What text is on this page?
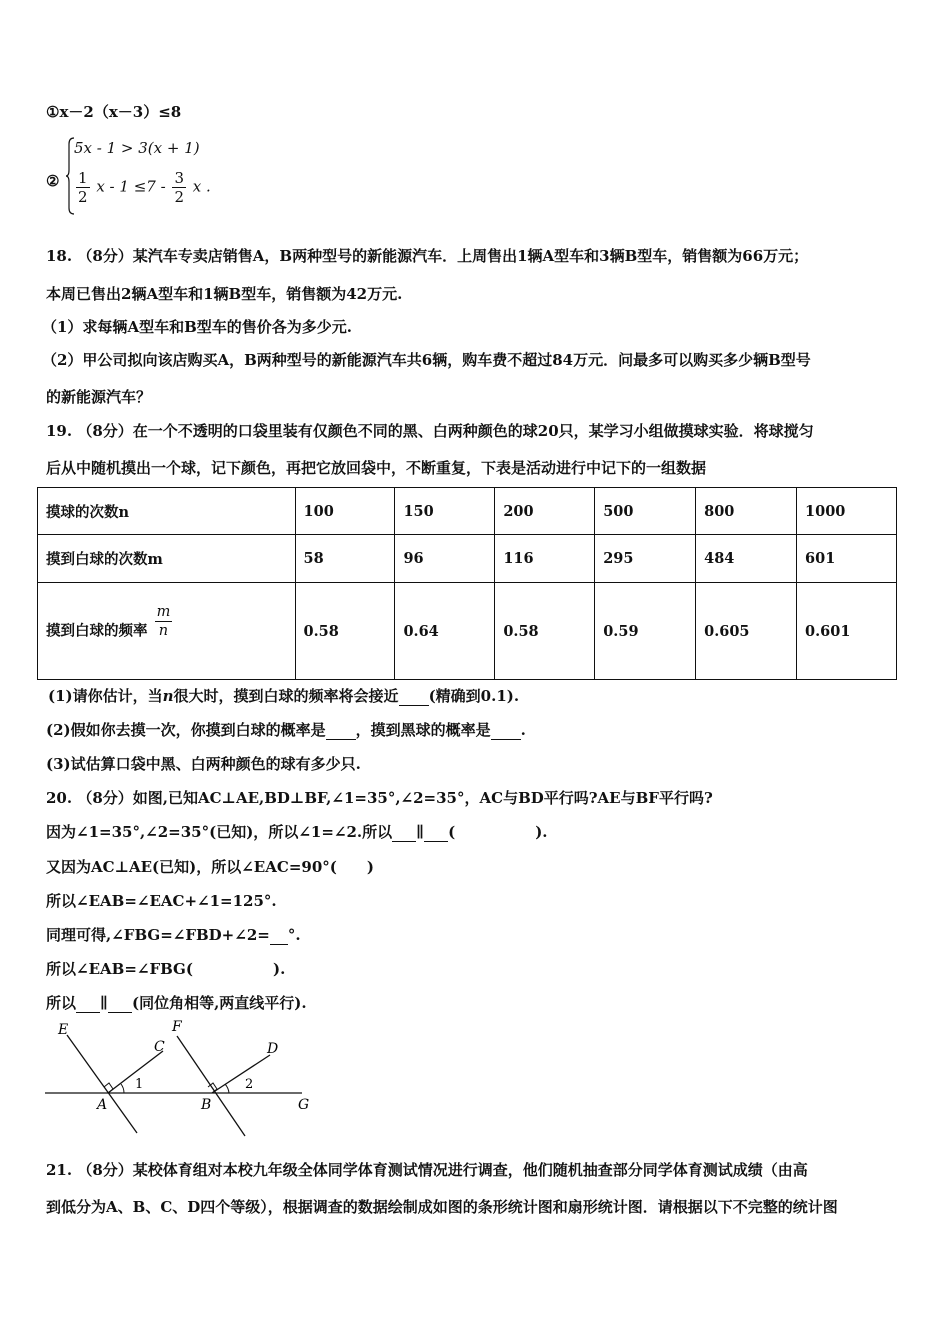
①x－2（x－3）≤8
②
5x - 1 > 3(x + 1)
$\frac{1}{2}$ $x - 1 \le 7 - \frac{3}{2}$ x .
18. （8分）某汽车专卖店销售A，B两种型号的新能源汽车．上周售出1辆A型车和3辆B型车，销售额为66万元；
本周已售出2辆A型车和1辆B型车，销售额为42万元.
（1）求每辆A型车和B型车的售价各为多少元.
（2）甲公司拟向该店购买A，B两种型号的新能源汽车共6辆，购车费不超过84万元．问最多可以购买多少辆B型号
的新能源汽车？
19. （8分）在一个不透明的口袋里装有仅颜色不同的黑、白两种颜色的球20只，某学习小组做摸球实验．将球搅匀
后从中随机摸出一个球，记下颜色，再把它放回袋中，不断重复，下表是活动进行中记下的一组数据
摸球的次数n	100	150	200	500	800	1000
摸到白球的次数m	58	96	116	295	484	601
摸到白球的频率 $\frac{m}{n}$	0.58	0.64	0.58	0.59	0.605	0.601
(1)请你估计，当n很大时，摸到白球的频率将会接近 (精确到0.1).
(2)假如你去摸一次，你摸到白球的概率是 ，摸到黑球的概率是 .
(3)试估算口袋中黑、白两种颜色的球有多少只.
20. （8分）如图,已知AC⊥AE,BD⊥BF,∠1=35°,∠2=35°，AC与BD平行吗?AE与BF平行吗?
因为∠1=35°,∠2=35°(已知)，所以∠1=∠2.所以 ∥ (	).
又因为AC⊥AE(已知)，所以∠EAC=90°(　　)
所以∠EAB=∠EAC+∠1=125°.
同理可得,∠FBG=∠FBD+∠2= °.
所以∠EAB=∠FBG(	).
所以 ∥ (同位角相等,两直线平行).
E	F
C	D
A	B	G
1	2
21. （8分）某校体育组对本校九年级全体同学体育测试情况进行调查，他们随机抽查部分同学体育测试成绩（由高
到低分为A、B、C、D四个等级），根据调查的数据绘制成如图的条形统计图和扇形统计图．请根据以下不完整的统计图
